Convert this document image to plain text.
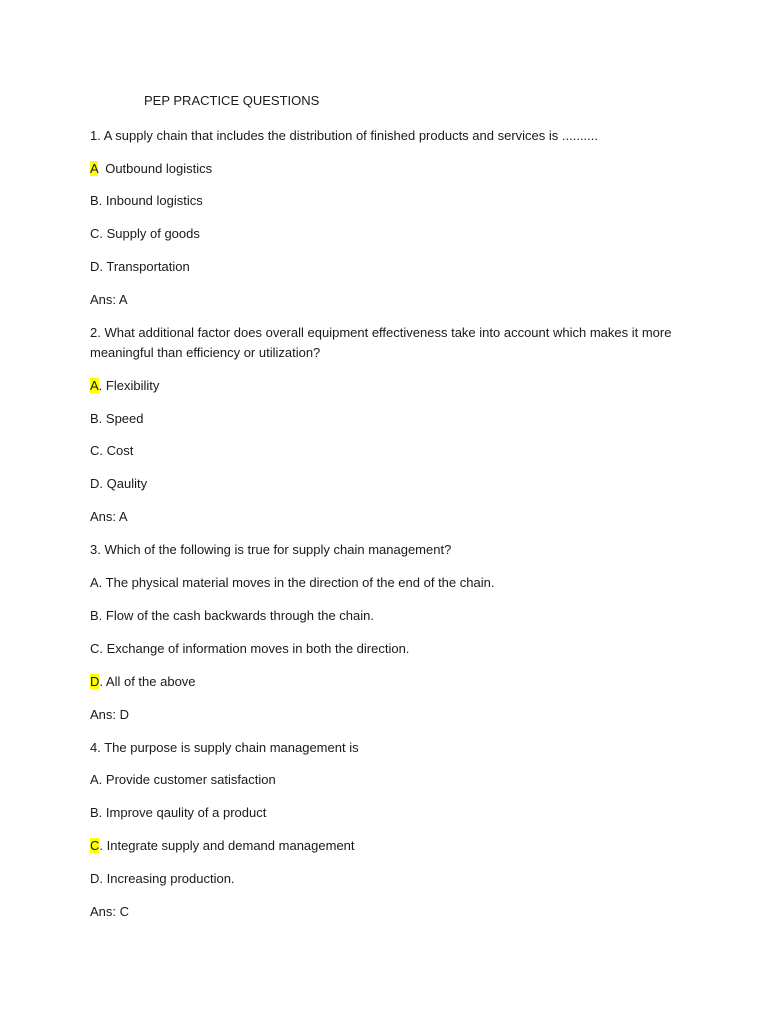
PEP PRACTICE QUESTIONS
1. A supply chain that includes the distribution of finished products and services is ..........
A Outbound logistics
B. Inbound logistics
C. Supply of goods
D. Transportation
Ans: A
2. What additional factor does overall equipment effectiveness take into account which makes it more meaningful than efficiency or utilization?
A. Flexibility
B. Speed
C. Cost
D. Qaulity
Ans: A
3. Which of the following is true for supply chain management?
A. The physical material moves in the direction of the end of the chain.
B. Flow of the cash backwards through the chain.
C. Exchange of information moves in both the direction.
D. All of the above
Ans: D
4. The purpose is supply chain management is
A. Provide customer satisfaction
B. Improve qaulity of a product
C. Integrate supply and demand management
D. Increasing production.
Ans: C
